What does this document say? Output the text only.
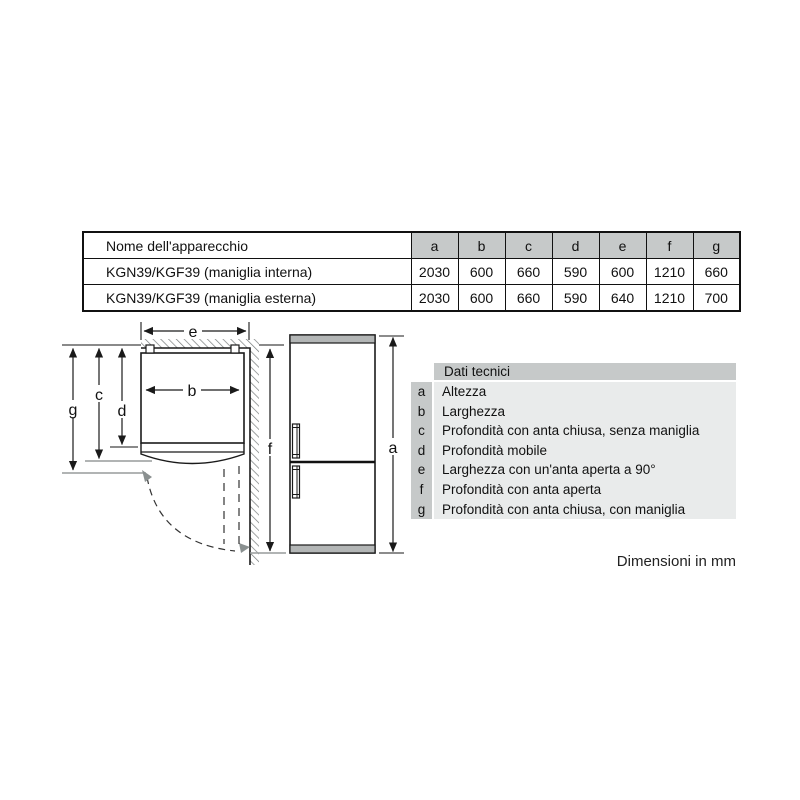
Nome dell'apparecchio	a	b	c	d	e	f	g
KGN39/KGF39 (maniglia interna)	2030	600	660	590	600	1210	660
KGN39/KGF39 (maniglia esterna)	2030	600	660	590	640	1210	700
e
b
g
c
d
f	a
Dati tecnici
a	Altezza
b	Larghezza
c	Profondità con anta chiusa, senza maniglia
d	Profondità mobile
e	Larghezza con un'anta aperta a 90°
f	Profondità con anta aperta
g	Profondità con anta chiusa, con maniglia
Dimensioni in mm
